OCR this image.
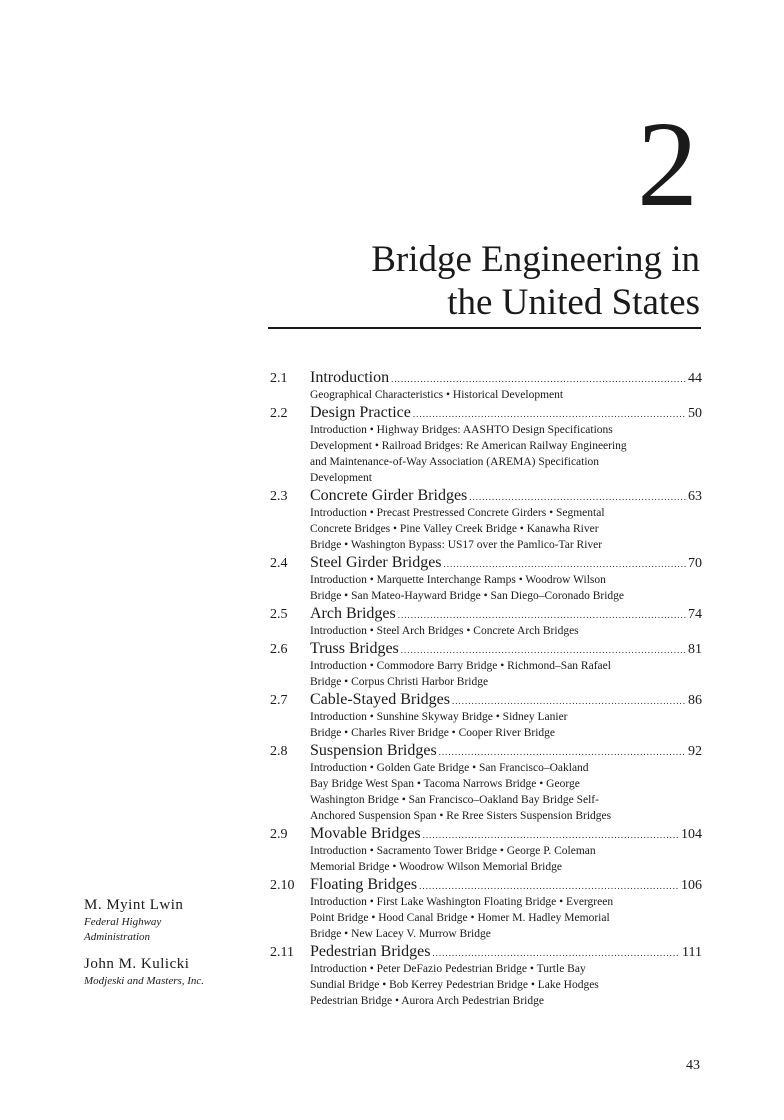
2
Bridge Engineering in
the United States
2.1	Introduction .....	44
Geographical Characteristics • Historical Development
2.2	Design Practice .....	50
Introduction • Highway Bridges: AASHTO Design Specifications
Development • Railroad Bridges: Re American Railway Engineering
and Maintenance-of-Way Association (AREMA) Specification
Development
2.3	Concrete Girder Bridges .....	63
Introduction • Precast Prestressed Concrete Girders • Segmental
Concrete Bridges • Pine Valley Creek Bridge • Kanawha River
Bridge • Washington Bypass: US17 over the Pamlico-Tar River
2.4	Steel Girder Bridges .....	70
Introduction • Marquette Interchange Ramps • Woodrow Wilson
Bridge • San Mateo-Hayward Bridge • San Diego–Coronado Bridge
2.5	Arch Bridges .....	74
Introduction • Steel Arch Bridges • Concrete Arch Bridges
2.6	Truss Bridges .....	81
Introduction • Commodore Barry Bridge • Richmond–San Rafael
Bridge • Corpus Christi Harbor Bridge
2.7	Cable-Stayed Bridges .....	86
Introduction • Sunshine Skyway Bridge • Sidney Lanier
Bridge • Charles River Bridge • Cooper River Bridge
2.8	Suspension Bridges .....	92
Introduction • Golden Gate Bridge • San Francisco–Oakland
Bay Bridge West Span • Tacoma Narrows Bridge • George
Washington Bridge • San Francisco–Oakland Bay Bridge Self-
Anchored Suspension Span • Re Rree Sisters Suspension Bridges
2.9	Movable Bridges .....	104
Introduction • Sacramento Tower Bridge • George P. Coleman
Memorial Bridge • Woodrow Wilson Memorial Bridge
2.10 Floating Bridges .....	106
Introduction • First Lake Washington Floating Bridge • Evergreen
Point Bridge • Hood Canal Bridge • Homer M. Hadley Memorial
Bridge • New Lacey V. Murrow Bridge
2.11	Pedestrian Bridges .....	111
Introduction • Peter DeFazio Pedestrian Bridge • Turtle Bay
Sundial Bridge • Bob Kerrey Pedestrian Bridge • Lake Hodges
Pedestrian Bridge • Aurora Arch Pedestrian Bridge
M. Myint Lwin
Federal Highway
Administration
John M. Kulicki
Modjeski and Masters, Inc.
43
